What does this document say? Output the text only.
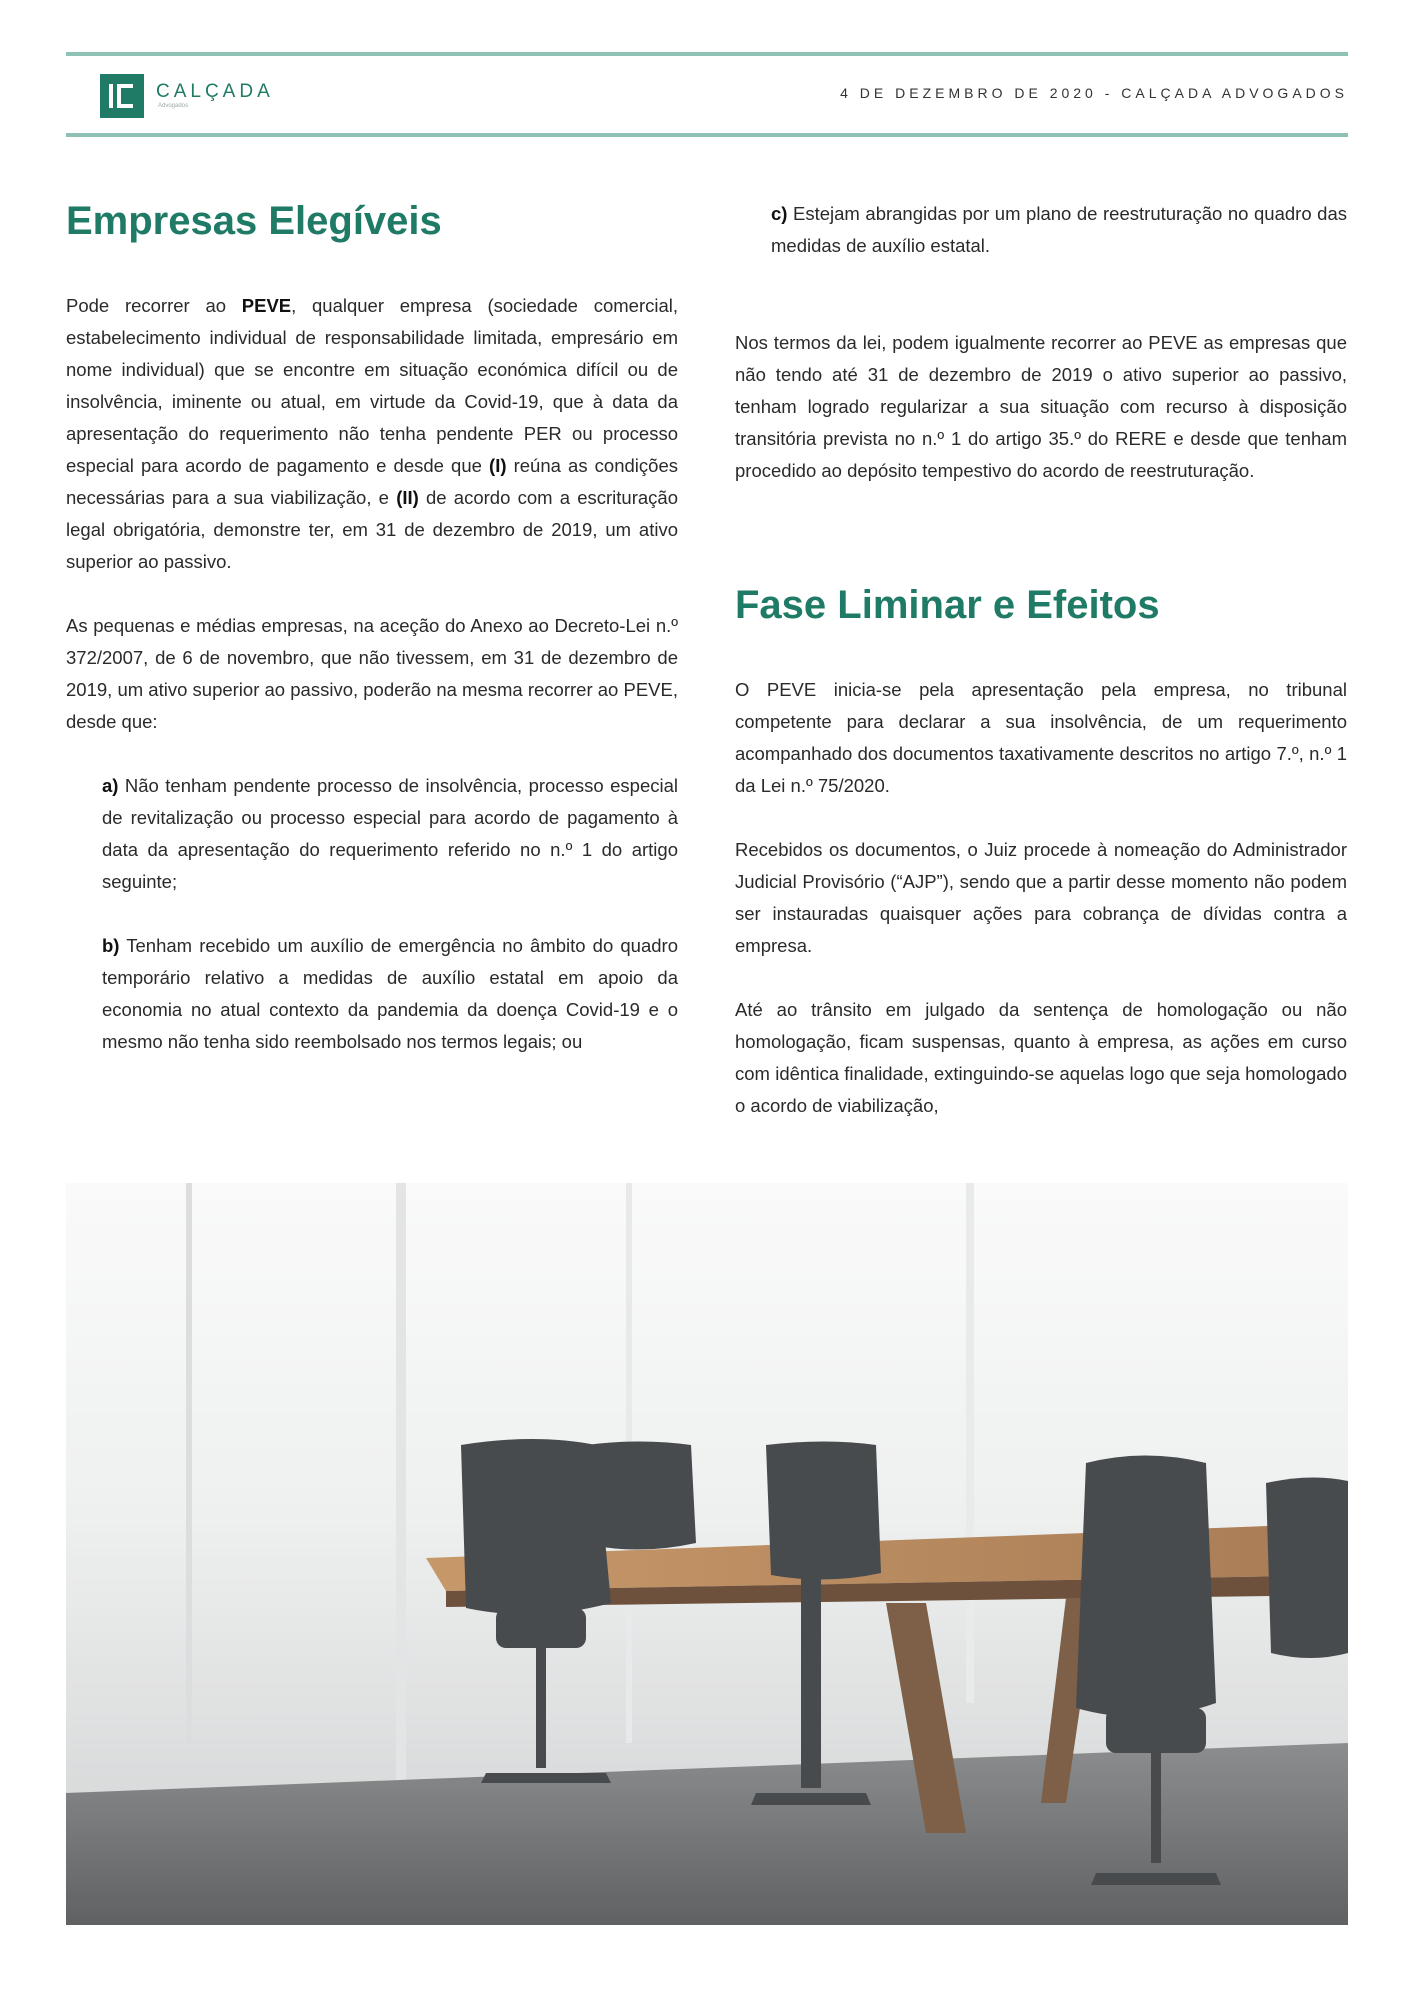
CALÇADA
Advogados
4 DE DEZEMBRO DE 2020 - CALÇADA ADVOGADOS
Empresas Elegíveis

Pode recorrer ao PEVE, qualquer empresa (sociedade comercial, estabelecimento individual de responsabilidade limitada, empresário em nome individual) que se encontre em situação económica difícil ou de insolvência, iminente ou atual, em virtude da Covid-19, que à data da apresentação do requerimento não tenha pendente PER ou processo especial para acordo de pagamento e desde que (I) reúna as condições necessárias para a sua viabilização, e (II) de acordo com a escrituração legal obrigatória, demonstre ter, em 31 de dezembro de 2019, um ativo superior ao passivo.

As pequenas e médias empresas, na aceção do Anexo ao Decreto-Lei n.º 372/2007, de 6 de novembro, que não tivessem, em 31 de dezembro de 2019, um ativo superior ao passivo, poderão na mesma recorrer ao PEVE, desde que:

a) Não tenham pendente processo de insolvência, processo especial de revitalização ou processo especial para acordo de pagamento à data da apresentação do requerimento referido no n.º 1 do artigo seguinte;

b) Tenham recebido um auxílio de emergência no âmbito do quadro temporário relativo a medidas de auxílio estatal em apoio da economia no atual contexto da pandemia da doença Covid-19 e o mesmo não tenha sido reembolsado nos termos legais; ou

c) Estejam abrangidas por um plano de reestruturação no quadro das medidas de auxílio estatal.

Nos termos da lei, podem igualmente recorrer ao PEVE as empresas que não tendo até 31 de dezembro de 2019 o ativo superior ao passivo, tenham logrado regularizar a sua situação com recurso à disposição transitória prevista no n.º 1 do artigo 35.º do RERE e desde que tenham procedido ao depósito tempestivo do acordo de reestruturação.

Fase Liminar e Efeitos

O PEVE inicia-se pela apresentação pela empresa, no tribunal competente para declarar a sua insolvência, de um requerimento acompanhado dos documentos taxativamente descritos no artigo 7.º, n.º 1 da Lei n.º 75/2020.

Recebidos os documentos, o Juiz procede à nomeação do Administrador Judicial Provisório (“AJP”), sendo que a partir desse momento não podem ser instauradas quaisquer ações para cobrança de dívidas contra a empresa.

Até ao trânsito em julgado da sentença de homologação ou não homologação, ficam suspensas, quanto à empresa, as ações em curso com idêntica finalidade, extinguindo-se aquelas logo que seja homologado o acordo de viabilização,
